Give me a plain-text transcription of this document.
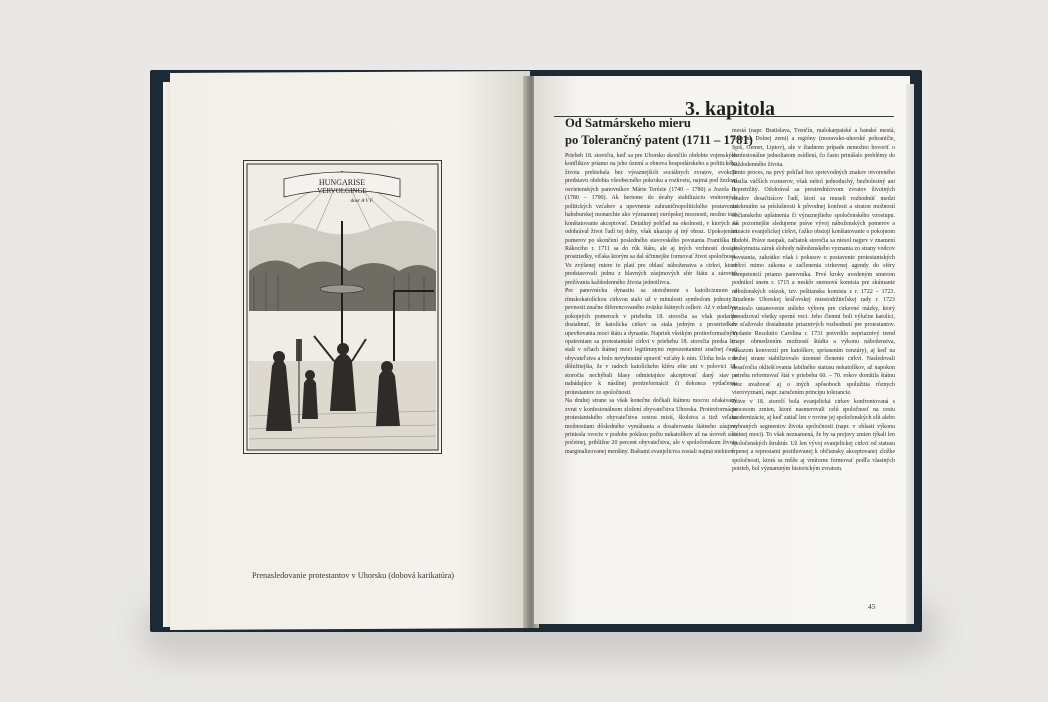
HUNGARISE
VERVOLGINGE
door A V F.
Prenasledovanie protestantov v Uhorsku (dobová karikatúra)
3. kapitola
Od Satmárskeho mieru
po Tolerančný patent (1711 – 1781)
Priebeh 18. storočia, keď sa pre Uhorsko skončilo obdobie vojenských konfliktov priamo na jeho území a obnova hospodárskeho a politického života prebiehala bez výraznejších sociálnych zvratov, evokuje predstavu obdobia všeobecného pokroku a rozkvetu, najmä pod žezlom osvietenských panovníkov Márie Terézie (1740 – 1780) a Jozefa II. (1780 – 1790). Ak berieme do úvahy stabilizáciu vnútorných politických vzťahov a upevnenie zahraničnopolitického postavenia habsburskej monarchie ako významnej európskej mocnosti, možno toto konštatovanie akceptovať. Detailný pohľad na okolnosti, v ktorých sa odohrával život ľudí tej doby, však ukazuje aj iný obraz. Upokojením pomerov po skončení posledného stavovského povstania Františka II. Rákociho r. 1711 sa do rúk štátu, ale aj iných vrchností dostali prostriedky, vďaka ktorým sa dal účinnejšie formovať život spoločnosti. Vo zvýšenej miere to platí pre oblasť náboženstva a cirkvi, ktoré predstavovali jednu z hlavných záujmových sfér štátu a zároveň prežívania každodenného života jednotlivca.
Pre panovnícku dynastiu sa stotožnenie s katolicizmom a rímskokatolíckou cirkvou stalo už v minulosti symbolom jednoty a pevnosti značne diferencovaného zväzku štátnych celkov. Až v zdanlivo pokojných pomeroch v priebehu 18. storočia sa však podarilo dosiahnuť, že katolícka cirkev sa stala jedným z prostriedkov upevňovania moci štátu a dynastie. Napriek všetkým protireformačným opatreniam sa protestantské cirkvi v priebehu 18. storočia predsa len stali v očiach štátnej moci legitímnymi reprezentantmi značnej časti obyvateľstva a bolo nevyhnutné upraviť vzťahy k nim. Úloha bola o to dôležitejšia, že v radoch katolíckeho kléru ešte ani v polovici 18. storočia nechýbali hlasy odmietajúce akceptovať daný stav a nabádajúce k násilnej protireformácii či dokonca vytlačeniu protestantov zo spoločnosti.
Na druhej strane sa však konečne dočkali štátnou mocou očakávaný zvrat v konfesionálnom zložení obyvateľstva Uhorska. Protireformácia protestantského obyvateľstva cestou misií, školstva a tiež vďaka možnostiam dôsledného vymáhania a dosahovania štátneho záujmu priniesla ovocie v podobe poklesu počtu nekatolíkov až na úroveň síce početnej, približne 20 percent obyvateľstva, ale v spoločenskom živote marginalizovanej menšiny. Baštami evanjelictva zostali najmä niektoré
mestá (napr. Bratislava, Trenčín, malokarpatské a banské mestá, sídla na Dolnej zemi) a regióny (moravsko-uhorské pohraničie, Spiš, Gemer, Liptov), ale v žiadnom prípade nemožno hovoriť o konfesionálne jednoliatom osídlení, čo často prinášalo problémy do každodenného života.
Tento proces, na prvý pohľad bez sprievodných znakov otvoreného násilia väčších rozmerov, však nebol jednoduchý, bezbolestný ani nepretržitý. Odohrával sa prostredníctvom zvratov životných osudov desaťtisícov ľudí, ktorí sa museli rozhodnúť medzi zrieknutím sa príslušnosti k pôvodnej konfesii a stratou možností občianskeho uplatnenia či výraznejšieho spoločenského vzostupu. Ak pozornejšie sledujeme práve vývoj náboženských pomerov a situácie evanjelickej cirkvi, ťažko obstojí konštatovanie o pokojnom období. Práve naopak, začiatok storočia sa niesol najprv v znamení poskytnutia záruk slobody náboženského vyznania zo strany vodcov povstania, zakrátko však i pokusov o postavenie protestantských cirkví mimo zákona a začlenenia cirkevnej agendy do sféry kompetencií priamo panovníka. Prvé kroky uvedeným smerom podnikol snem r. 1715 a neskôr snemová komisia pre skúmanie náboženských otázok, tzv. peštianska komisia z r. 1722 – 1723. Zriadenie Uhorskej kráľovskej miestodržiteľskej rady r. 1723 prinieslo ustanovenie stáleho výboru pre cirkevné otázky, ktorý posudzoval všetky sporné veci. Jeho členmi boli výlučne katolíci, čo sťažovalo dosiahnutie priaznivých rozhodnutí pre protestantov. Vydanie Resolutio Carolina r. 1731 potvrdilo nepriaznivý trend (napr. obmedzením možností štúdia a výkonu náboženstva, zákazom konverzií pre katolíkov, sprísnením cenzúry), aj keď na druhej strane stabilizovalo územné členenie cirkvi. Nasledovali desaťročia okliešťovania labilného statusu nekatolíkov, až napokon potreba reformovať štát v priebehu 60. – 70. rokov donútila štátnu moc uvažovať aj o iných spôsoboch spolužitia rôznych vierovyznaní, napr. zaručením princípu tolerancie.
Práve v 18. storočí bola evanjelická cirkev konfrontovaná s procesom zmien, ktoré nasmerovali celú spoločnosť na cestu modernizácie, aj keď zatiaľ len v rovine jej spoločenských elít alebo vybraných segmentov života spoločnosti (napr. v oblasti výkonu štátnej moci). To však neznamená, že by sa prejavy zmien týkali len spoločenských štruktúr. Už len vývoj evanjelickej cirkvi od statusu trpenej a represiami postihovanej k občiansky akceptovanej zložke spoločnosti, ktorá sa môže aj vnútorne formovať podľa vlastných potrieb, bol významným historickým zvratom.
45
